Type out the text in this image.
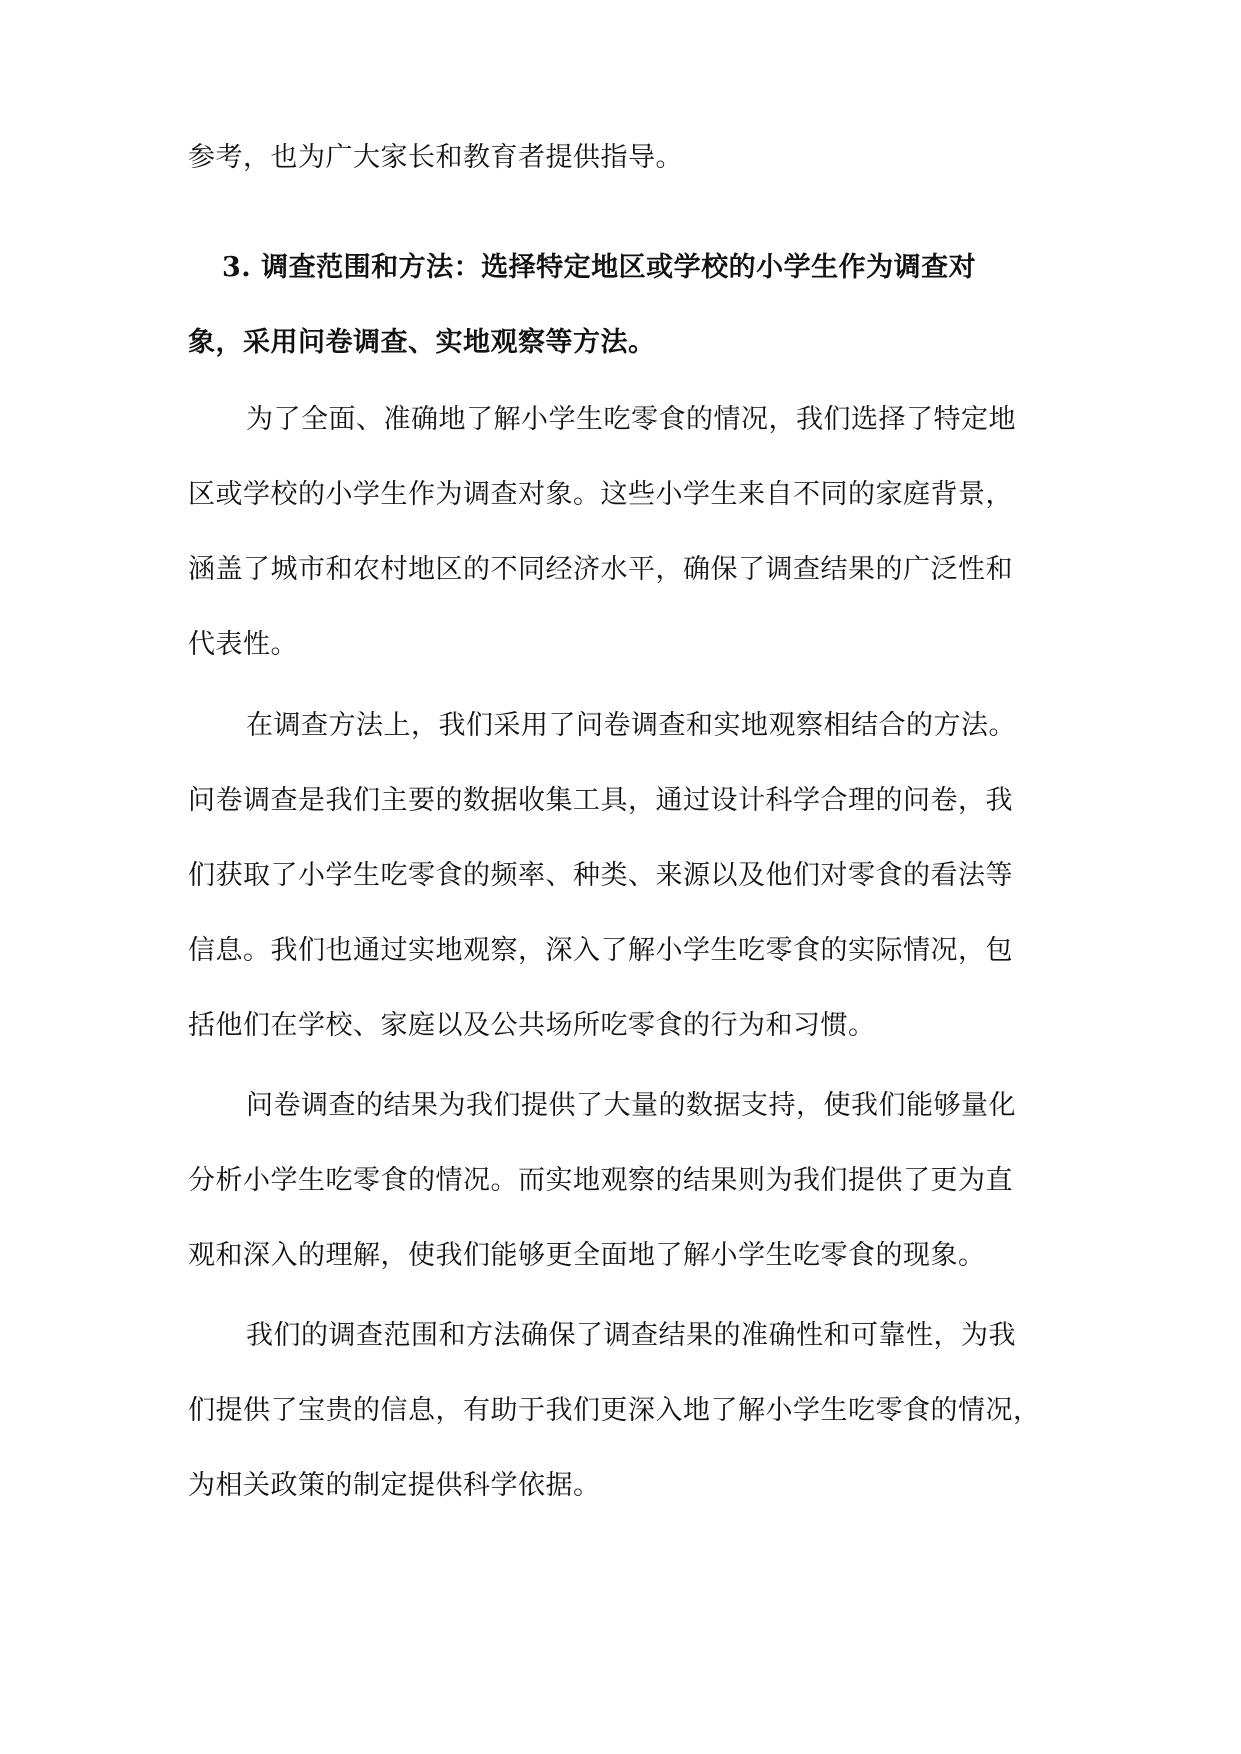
参考，也为广大家长和教育者提供指导。
3. 调查范围和方法：选择特定地区或学校的小学生作为调查对
象，采用问卷调查、实地观察等方法。
为了全面、准确地了解小学生吃零食的情况，我们选择了特定地
区或学校的小学生作为调查对象。这些小学生来自不同的家庭背景，
涵盖了城市和农村地区的不同经济水平，确保了调查结果的广泛性和
代表性。
在调查方法上，我们采用了问卷调查和实地观察相结合的方法。
问卷调查是我们主要的数据收集工具，通过设计科学合理的问卷，我
们获取了小学生吃零食的频率、种类、来源以及他们对零食的看法等
信息。我们也通过实地观察，深入了解小学生吃零食的实际情况，包
括他们在学校、家庭以及公共场所吃零食的行为和习惯。
问卷调查的结果为我们提供了大量的数据支持，使我们能够量化
分析小学生吃零食的情况。而实地观察的结果则为我们提供了更为直
观和深入的理解，使我们能够更全面地了解小学生吃零食的现象。
我们的调查范围和方法确保了调查结果的准确性和可靠性，为我
们提供了宝贵的信息，有助于我们更深入地了解小学生吃零食的情况，
为相关政策的制定提供科学依据。
